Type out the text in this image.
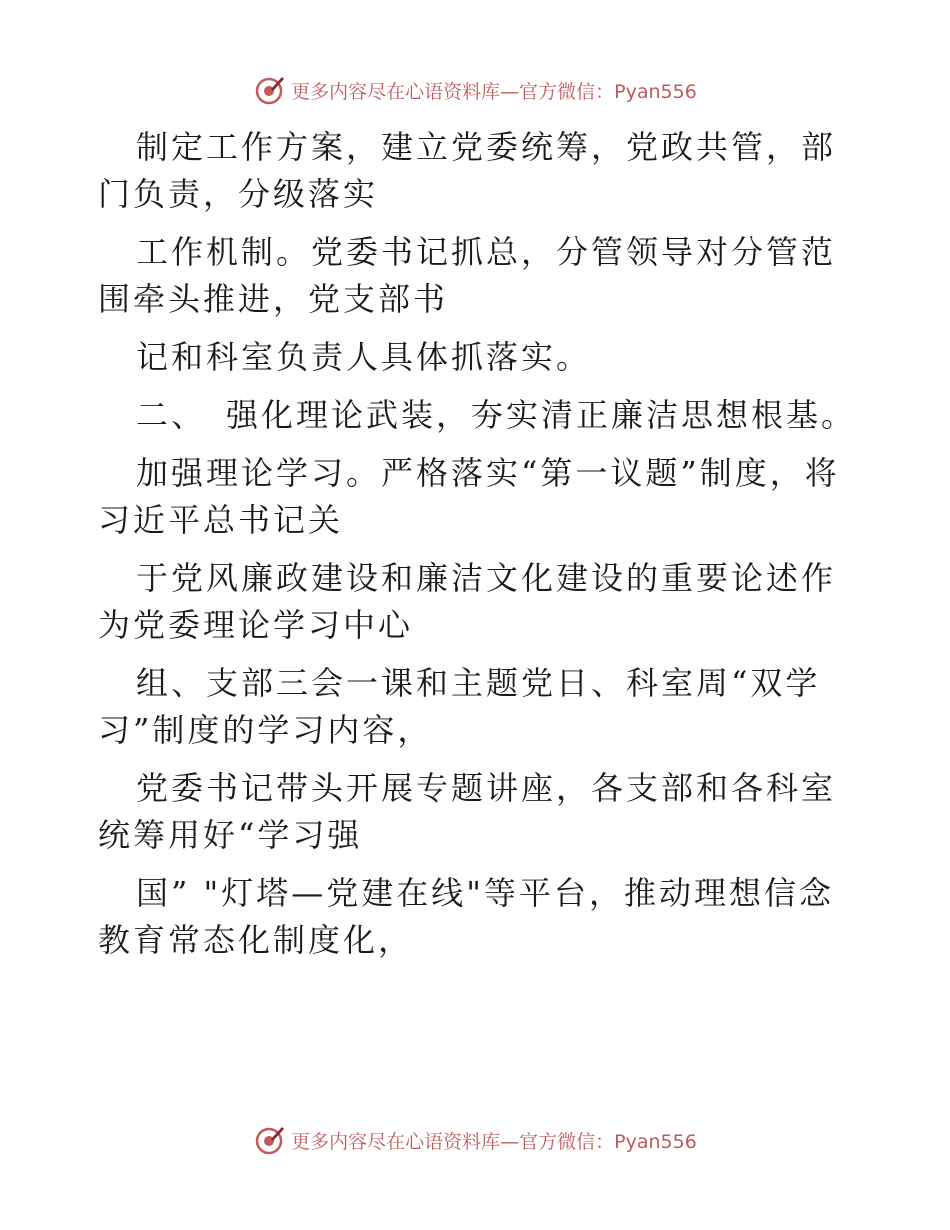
更多内容尽在心语资料库—官方微信：Pyan556

制定工作方案，建立党委统筹，党政共管，部门负责，分级落实

工作机制。党委书记抓总，分管领导对分管范围牵头推进，党支部书

记和科室负责人具体抓落实。

二、 强化理论武装，夯实清正廉洁思想根基。

加强理论学习。严格落实“第一议题”制度，将习近平总书记关

于党风廉政建设和廉洁文化建设的重要论述作为党委理论学习中心

组、支部三会一课和主题党日、科室周“双学习”制度的学习内容，

党委书记带头开展专题讲座，各支部和各科室统筹用好“学习强

国” "灯塔—党建在线"等平台，推动理想信念教育常态化制度化，

更多内容尽在心语资料库—官方微信：Pyan556
